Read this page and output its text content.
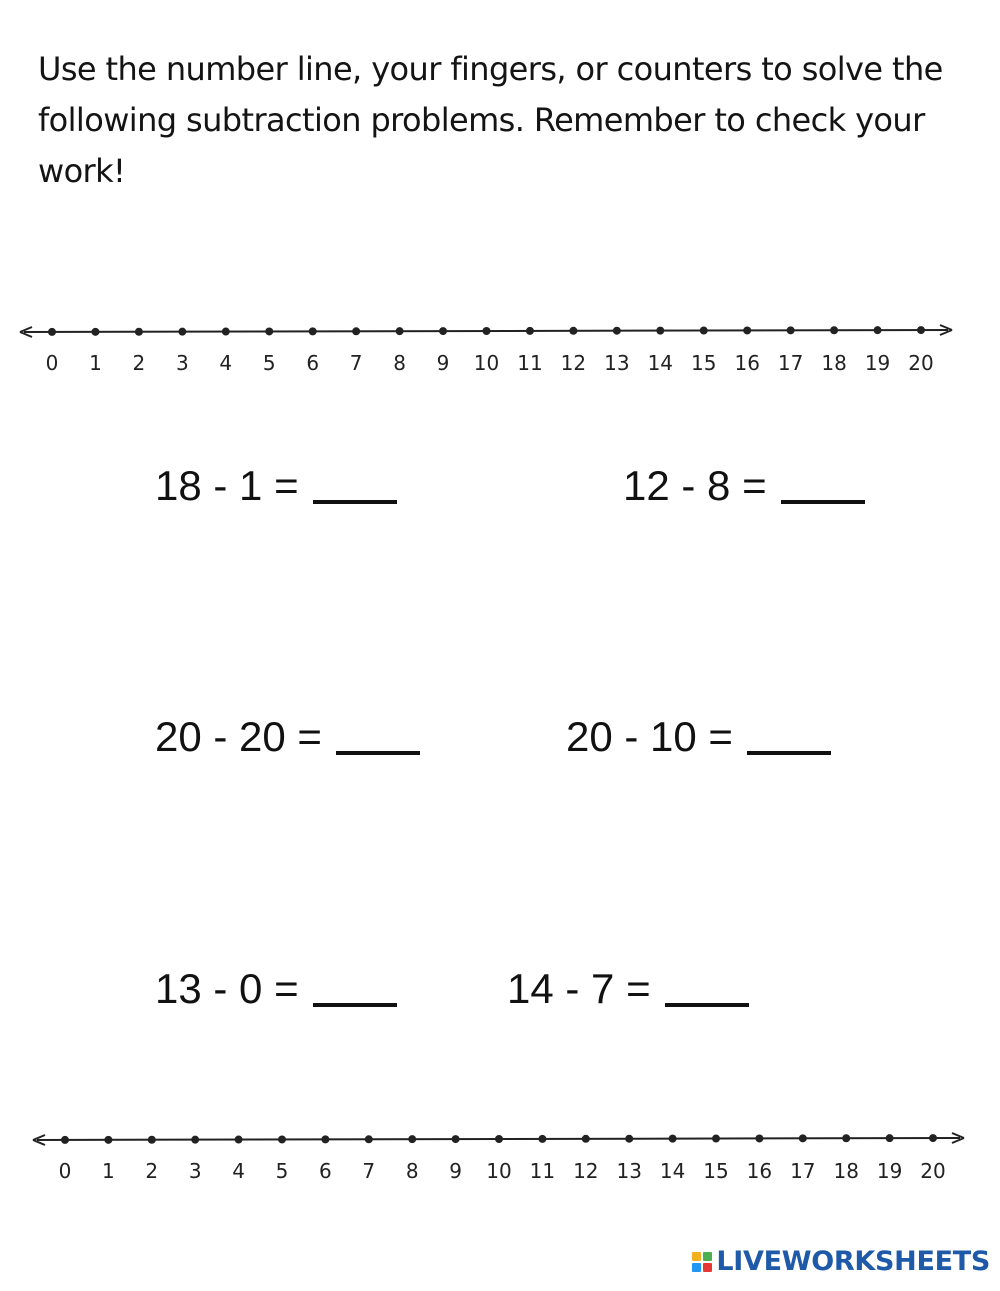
Use the number line, your fingers, or counters to solve the following subtraction problems. Remember to check your work!

0 1 2 3 4 5 6 7 8 9 10 11 12 13 14 15 16 17 18 19 20
18 - 1 =	12 - 8 =
20 - 20 =	20 - 10 =
13 - 0 =	14 - 7 =
0 1 2 3 4 5 6 7 8 9 10 11 12 13 14 15 16 17 18 19 20
LIVEWORKSHEETS
